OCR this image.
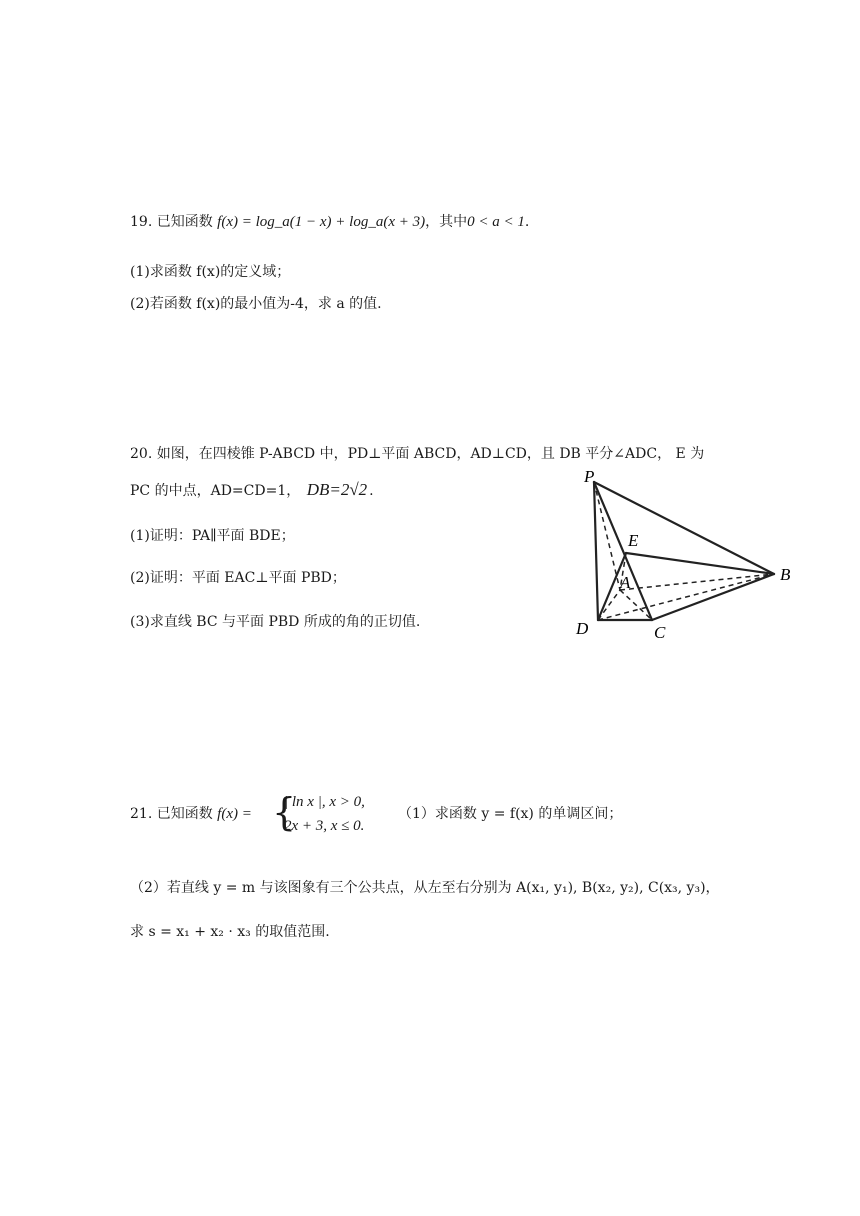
19. 已知函数 f(x) = log_a(1 − x) + log_a(x + 3)，其中0 < a < 1.
(1)求函数 f(x)的定义域；
(2)若函数 f(x)的最小值为-4，求 a 的值.
20. 如图，在四棱锥 P-ABCD 中，PD⊥平面 ABCD，AD⊥CD，且 DB 平分∠ADC， E 为
PC 的中点，AD=CD=1， DB=2√2 .
(1)证明：PA∥平面 BDE；
(2)证明：平面 EAC⊥平面 PBD；
(3)求直线 BC 与平面 PBD 所成的角的正切值.
P
E
A	B
D	C
21. 已知函数 f(x) = {
| ln x |, x > 0,
2x + 3, x ≤ 0.
（1）求函数 y = f(x) 的单调区间；
（2）若直线 y = m 与该图象有三个公共点，从左至右分别为 A(x₁, y₁), B(x₂, y₂), C(x₃, y₃)，
求 s = x₁ + x₂ · x₃ 的取值范围.
